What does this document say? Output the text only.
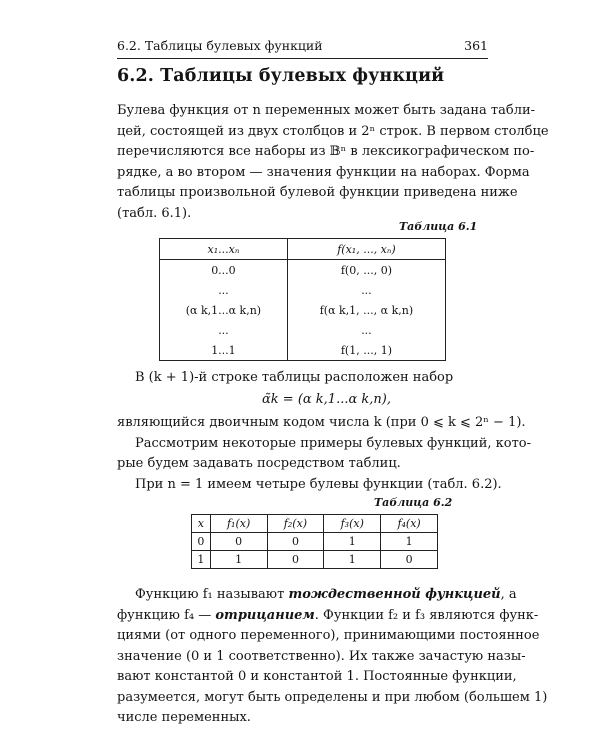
6.2. Таблицы булевых функций	361
6.2. Таблицы булевых функций
Булева функция от n переменных может быть задана табли-
цей, состоящей из двух столбцов и 2ⁿ строк. В первом столбце
перечисляются все наборы из 𝔹ⁿ в лексикографическом по-
рядке, а во втором — значения функции на наборах. Форма
таблицы произвольной булевой функции приведена ниже
(табл. 6.1).
Таблица 6.1
x₁...xₙ	f(x₁, ..., xₙ)
0...0	f(0, ..., 0)
...	...
(α k,1...α k,n)	f(α k,1, ..., α k,n)
...	...
1...1	f(1, ..., 1)
В (k + 1)-й строке таблицы расположен набор
α̃k = (α k,1...α k,n),
являющийся двоичным кодом числа k (при 0 ⩽ k ⩽ 2ⁿ − 1).
Рассмотрим некоторые примеры булевых функций, кото-
рые будем задавать посредством таблиц.
При n = 1 имеем четыре булевы функции (табл. 6.2).
Таблица 6.2
x	f₁(x)	f₂(x)	f₃(x)	f₄(x)
0	0	0	1	1
1	1	0	1	0
Функцию f₁ называют тождественной функцией, а
функцию f₄ — отрицанием. Функции f₂ и f₃ являются функ-
циями (от одного переменного), принимающими постоянное
значение (0 и 1 соответственно). Их также зачастую назы-
вают константой 0 и константой 1. Постоянные функции,
разумеется, могут быть определены и при любом (большем 1)
числе переменных.
